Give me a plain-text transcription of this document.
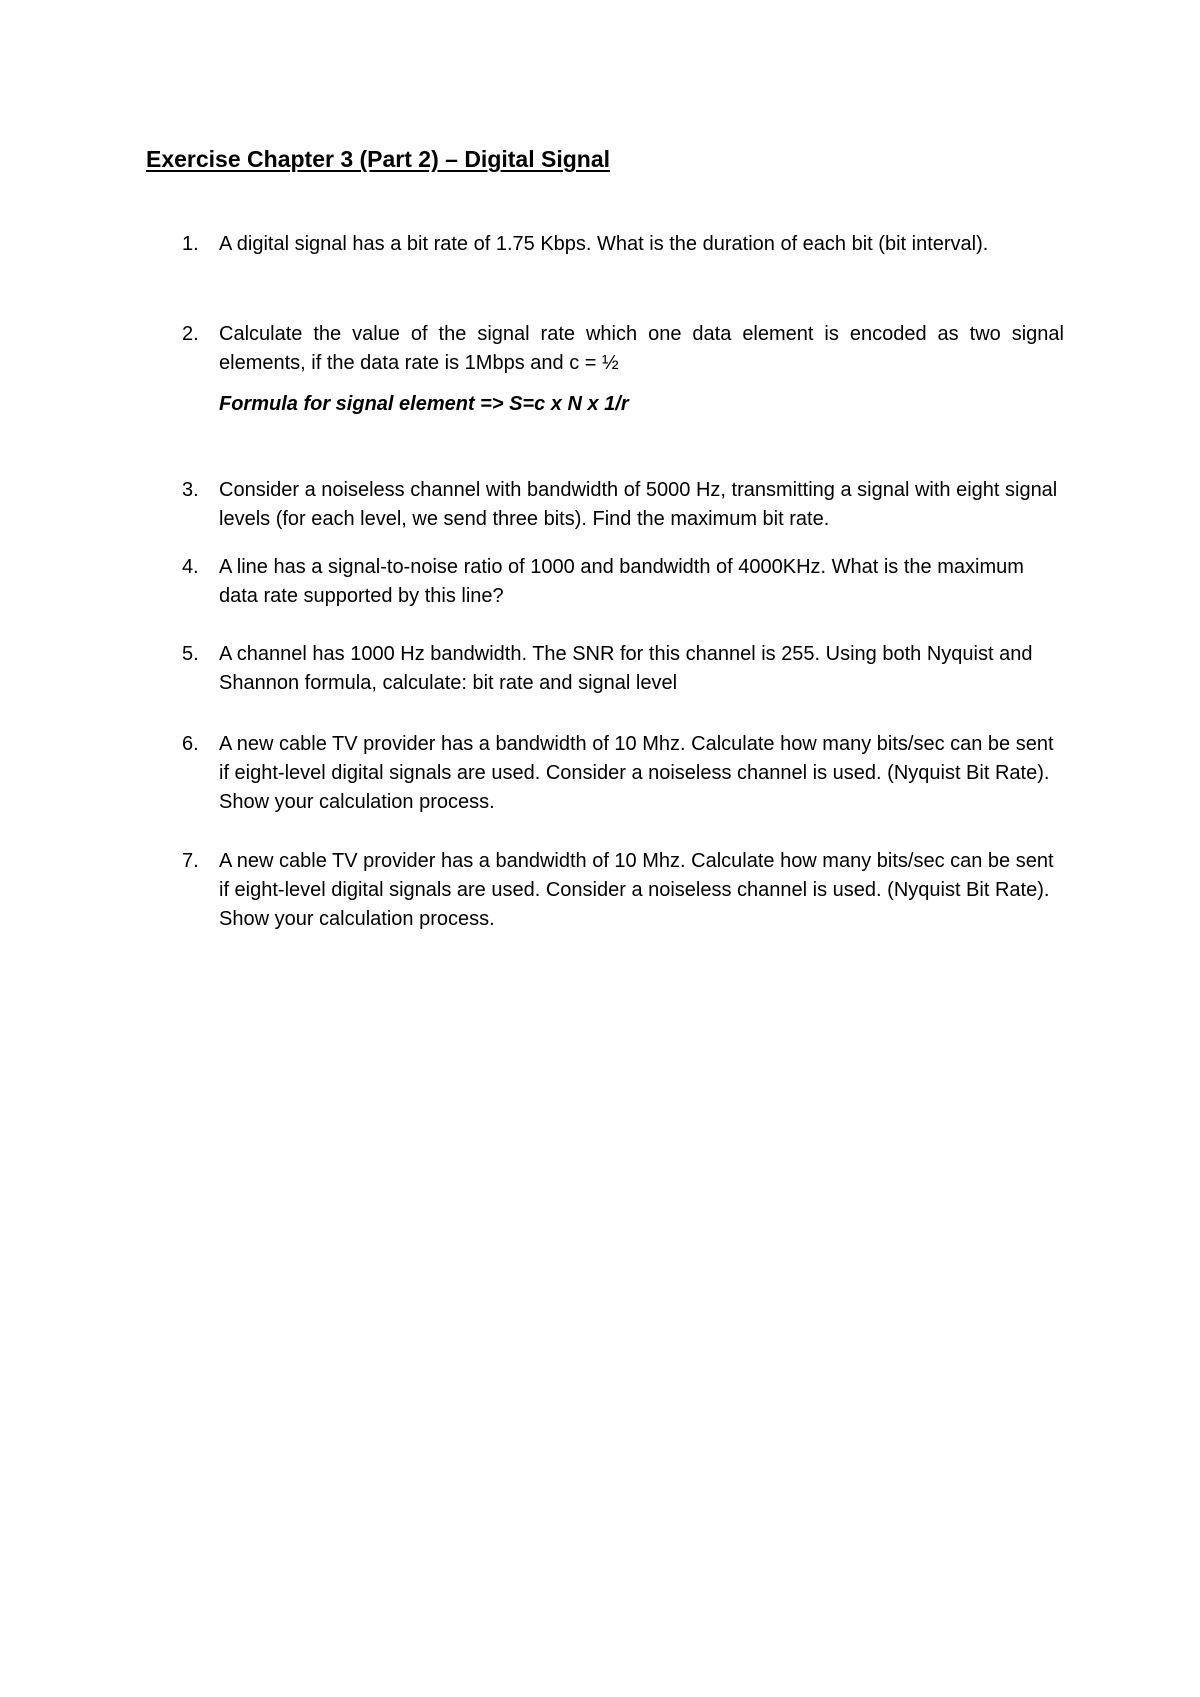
Exercise Chapter 3 (Part 2) – Digital Signal
1. A digital signal has a bit rate of 1.75 Kbps. What is the duration of each bit (bit interval).
2. Calculate the value of the signal rate which one data element is encoded as two signal elements, if the data rate is 1Mbps and c = ½
Formula for signal element => S=c x N x 1/r
3. Consider a noiseless channel with bandwidth of 5000 Hz, transmitting a signal with eight signal levels (for each level, we send three bits). Find the maximum bit rate.
4. A line has a signal-to-noise ratio of 1000 and bandwidth of 4000KHz. What is the maximum data rate supported by this line?
5. A channel has 1000 Hz bandwidth. The SNR for this channel is 255. Using both Nyquist and Shannon formula, calculate: bit rate and signal level
6. A new cable TV provider has a bandwidth of 10 Mhz. Calculate how many bits/sec can be sent if eight-level digital signals are used. Consider a noiseless channel is used. (Nyquist Bit Rate). Show your calculation process.
7. A new cable TV provider has a bandwidth of 10 Mhz. Calculate how many bits/sec can be sent if eight-level digital signals are used. Consider a noiseless channel is used. (Nyquist Bit Rate). Show your calculation process.
